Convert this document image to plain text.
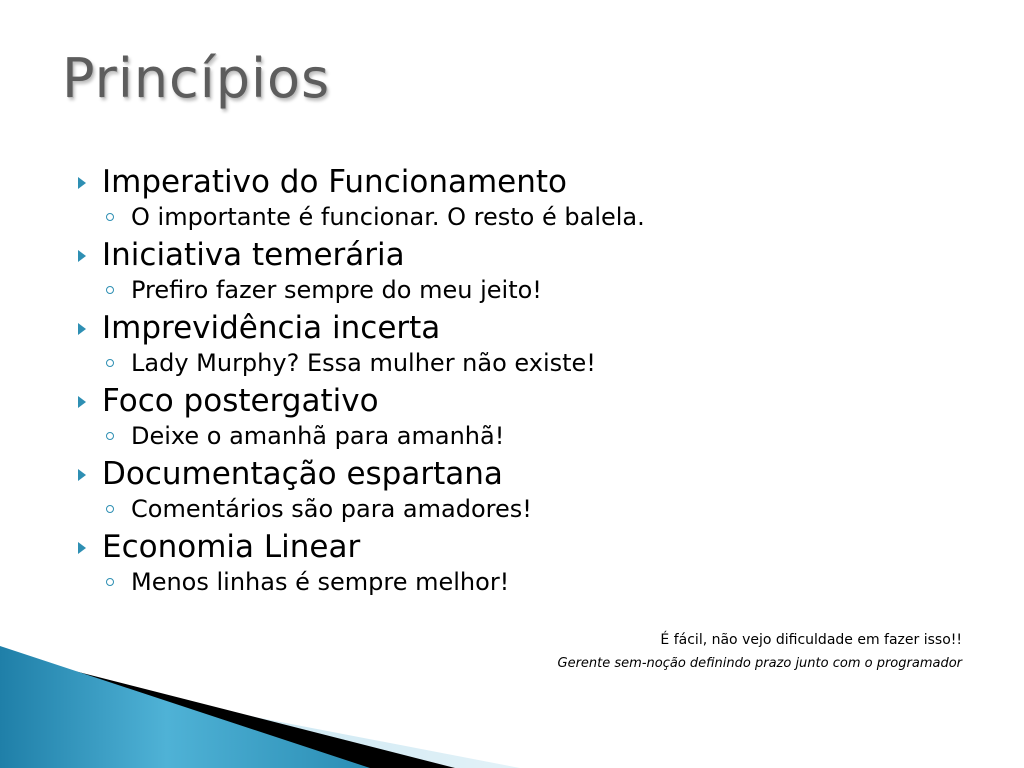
Princípios
Imperativo do Funcionamento
O importante é funcionar. O resto é balela.
Iniciativa temerária
Prefiro fazer sempre do meu jeito!
Imprevidência incerta
Lady Murphy? Essa mulher não existe!
Foco postergativo
Deixe o amanhã para amanhã!
Documentação espartana
Comentários são para amadores!
Economia Linear
Menos linhas é sempre melhor!
É fácil, não vejo dificuldade em fazer isso!!
Gerente sem-noção definindo prazo junto com o programador
